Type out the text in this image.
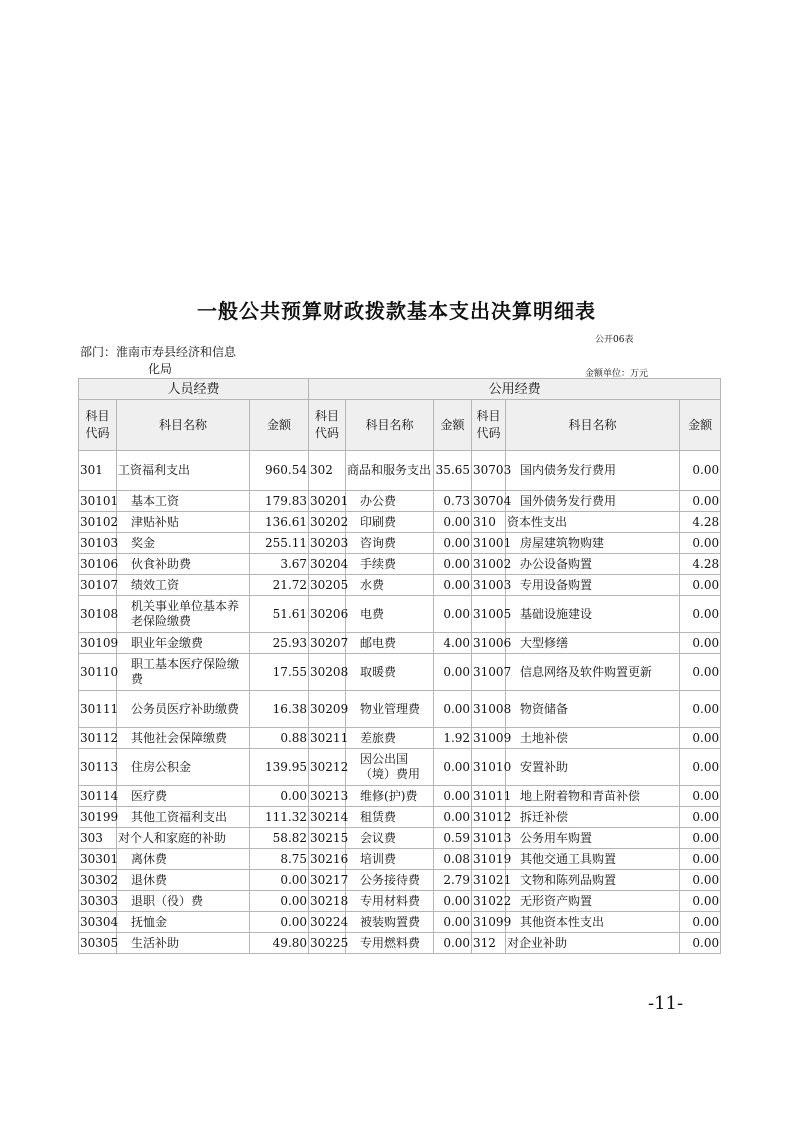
一般公共预算财政拨款基本支出决算明细表
公开06表
部门：淮南市寿县经济和信息
化局	金额单位：万元
人员经费			公用经费					
科目代码	科目名称	金额	科目代码	科目名称	金额	科目代码	科目名称	金额
301	工资福利支出	960.54	302	商品和服务支出	35.65	30703	国内债务发行费用	0.00
30101	基本工资	179.83	30201	办公费	0.73	30704	国外债务发行费用	0.00
30102	津贴补贴	136.61	30202	印刷费	0.00	310	资本性支出	4.28
30103	奖金	255.11	30203	咨询费	0.00	31001	房屋建筑物购建	0.00
30106	伙食补助费	3.67	30204	手续费	0.00	31002	办公设备购置	4.28
30107	绩效工资	21.72	30205	水费	0.00	31003	专用设备购置	0.00
30108	机关事业单位基本养老保险缴费	51.61	30206	电费	0.00	31005	基础设施建设	0.00
30109	职业年金缴费	25.93	30207	邮电费	4.00	31006	大型修缮	0.00
30110	职工基本医疗保险缴费	17.55	30208	取暖费	0.00	31007	信息网络及软件购置更新	0.00
30111	公务员医疗补助缴费	16.38	30209	物业管理费	0.00	31008	物资储备	0.00
30112	其他社会保障缴费	0.88	30211	差旅费	1.92	31009	土地补偿	0.00
30113	住房公积金	139.95	30212	因公出国（境）费用	0.00	31010	安置补助	0.00
30114	医疗费	0.00	30213	维修(护)费	0.00	31011	地上附着物和青苗补偿	0.00
30199	其他工资福利支出	111.32	30214	租赁费	0.00	31012	拆迁补偿	0.00
303	对个人和家庭的补助	58.82	30215	会议费	0.59	31013	公务用车购置	0.00
30301	离休费	8.75	30216	培训费	0.08	31019	其他交通工具购置	0.00
30302	退休费	0.00	30217	公务接待费	2.79	31021	文物和陈列品购置	0.00
30303	退职（役）费	0.00	30218	专用材料费	0.00	31022	无形资产购置	0.00
30304	抚恤金	0.00	30224	被装购置费	0.00	31099	其他资本性支出	0.00
30305	生活补助	49.80	30225	专用燃料费	0.00	312	对企业补助	0.00
-11-
